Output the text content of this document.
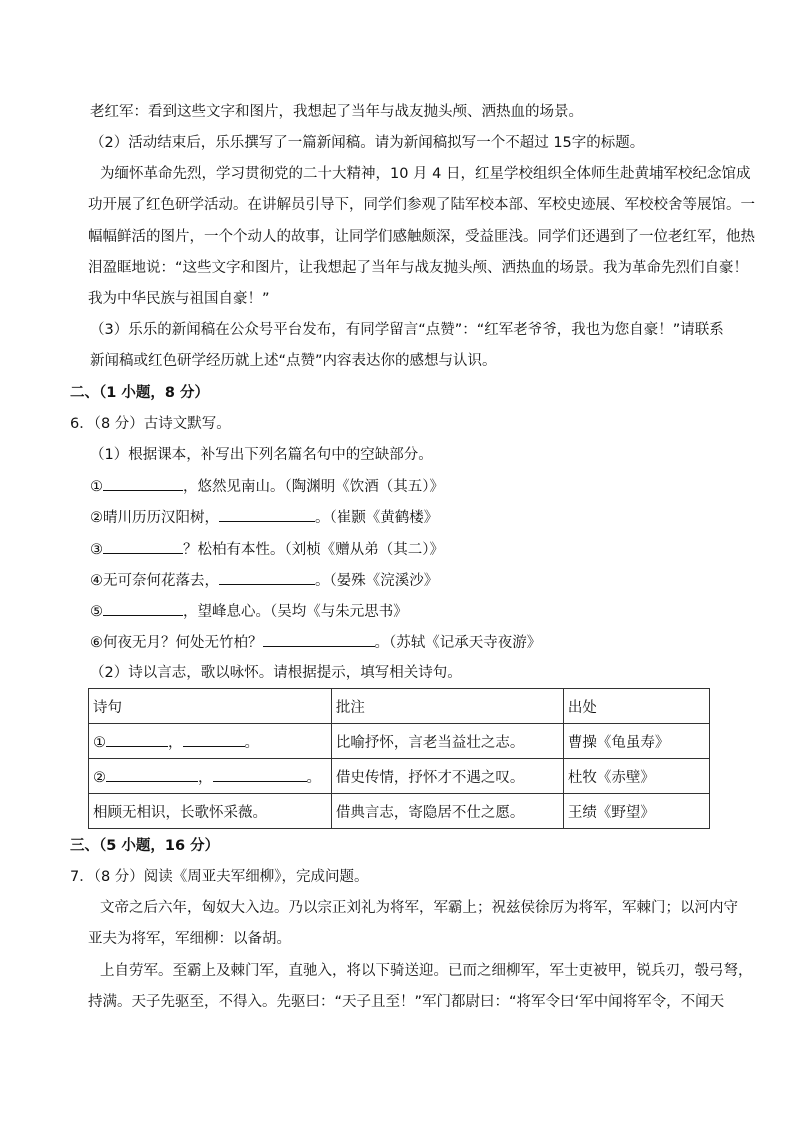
老红军：看到这些文字和图片，我想起了当年与战友抛头颅、洒热血的场景。
（2）活动结束后，乐乐撰写了一篇新闻稿。请为新闻稿拟写一个不超过 15字的标题。
为缅怀革命先烈，学习贯彻党的二十大精神，10 月 4 日，红星学校组织全体师生赴黄埔军校纪念馆成
功开展了红色研学活动。在讲解员引导下，同学们参观了陆军校本部、军校史迹展、军校校舍等展馆。一
幅幅鲜活的图片，一个个动人的故事，让同学们感触颇深，受益匪浅。同学们还遇到了一位老红军，他热
泪盈眶地说：“这些文字和图片，让我想起了当年与战友抛头颅、洒热血的场景。我为革命先烈们自豪！
我为中华民族与祖国自豪！”
（3）乐乐的新闻稿在公众号平台发布，有同学留言“点赞”：“红军老爷爷，我也为您自豪！”请联系
新闻稿或红色研学经历就上述“点赞”内容表达你的感想与认识。
二、（1 小题，8 分）
6．（8 分）古诗文默写。
（1）根据课本，补写出下列名篇名句中的空缺部分。
①	，悠然见南山。（陶渊明《饮酒（其五）》
②晴川历历汉阳树，	。（崔颢《黄鹤楼》
③	？松柏有本性。（刘桢《赠从弟（其二）》
④无可奈何花落去，	。（晏殊《浣溪沙》
⑤	，望峰息心。（吴均《与朱元思书》
⑥何夜无月？何处无竹柏？	。（苏轼《记承天寺夜游》
（2）诗以言志，歌以咏怀。请根据提示，填写相关诗句。
诗句	批注	出处
① ， 。	比喻抒怀，言老当益壮之志。	曹操《龟虽寿》
② ， 。	借史传情，抒怀才不遇之叹。	杜牧《赤壁》
相顾无相识，长歌怀采薇。	借典言志，寄隐居不仕之愿。	王绩《野望》
三、（5 小题，16 分）
7．（8 分）阅读《周亚夫军细柳》，完成问题。
文帝之后六年，匈奴大入边。乃以宗正刘礼为将军，军霸上；祝兹侯徐厉为将军，军棘门；以河内守
亚夫为将军，军细柳：以备胡。
上自劳军。至霸上及棘门军，直驰入，将以下骑送迎。已而之细柳军，军士吏被甲，锐兵刃，彀弓弩，
持满。天子先驱至，不得入。先驱曰：“天子且至！”军门都尉曰：“将军令曰‘军中闻将军令，不闻天
